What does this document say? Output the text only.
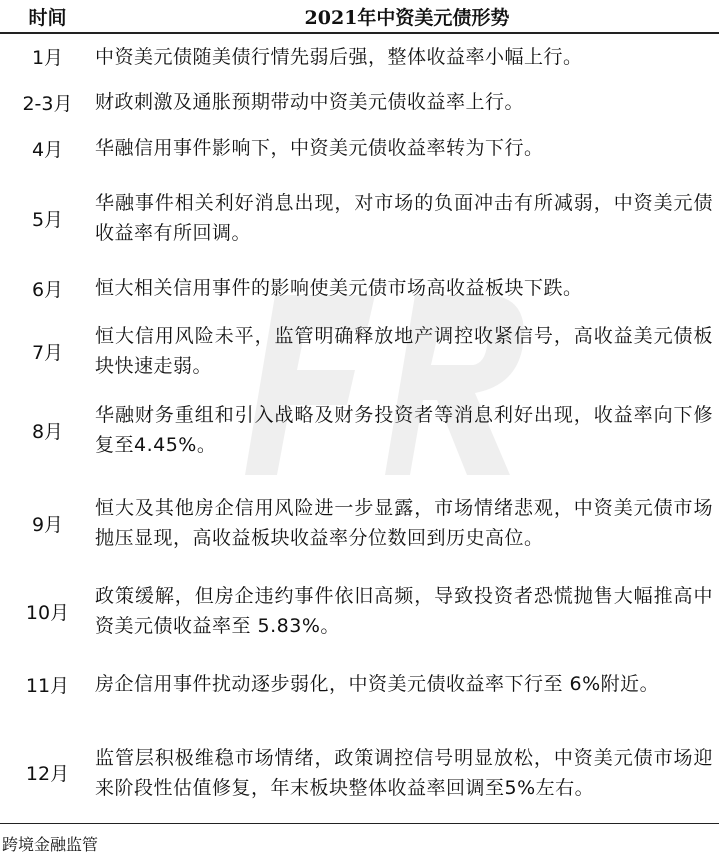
时间	2021年中资美元债形势
1月	中资美元债随美债行情先弱后强，整体收益率小幅上行。
2-3月	财政刺激及通胀预期带动中资美元债收益率上行。
4月	华融信用事件影响下，中资美元债收益率转为下行。
5月	华融事件相关利好消息出现，对市场的负面冲击有所减弱，中资美元债收益率有所回调。
6月	恒大相关信用事件的影响使美元债市场高收益板块下跌。
7月	恒大信用风险未平，监管明确释放地产调控收紧信号，高收益美元债板块快速走弱。
8月	华融财务重组和引入战略及财务投资者等消息利好出现，收益率向下修复至4.45%。
9月	恒大及其他房企信用风险进一步显露，市场情绪悲观，中资美元债市场抛压显现，高收益板块收益率分位数回到历史高位。
10月	政策缓解，但房企违约事件依旧高频，导致投资者恐慌抛售大幅推高中资美元债收益率至 5.83%。
11月	房企信用事件扰动逐步弱化，中资美元债收益率下行至 6%附近。
12月	监管层积极维稳市场情绪，政策调控信号明显放松，中资美元债市场迎来阶段性估值修复，年末板块整体收益率回调至5%左右。
跨境金融监管
